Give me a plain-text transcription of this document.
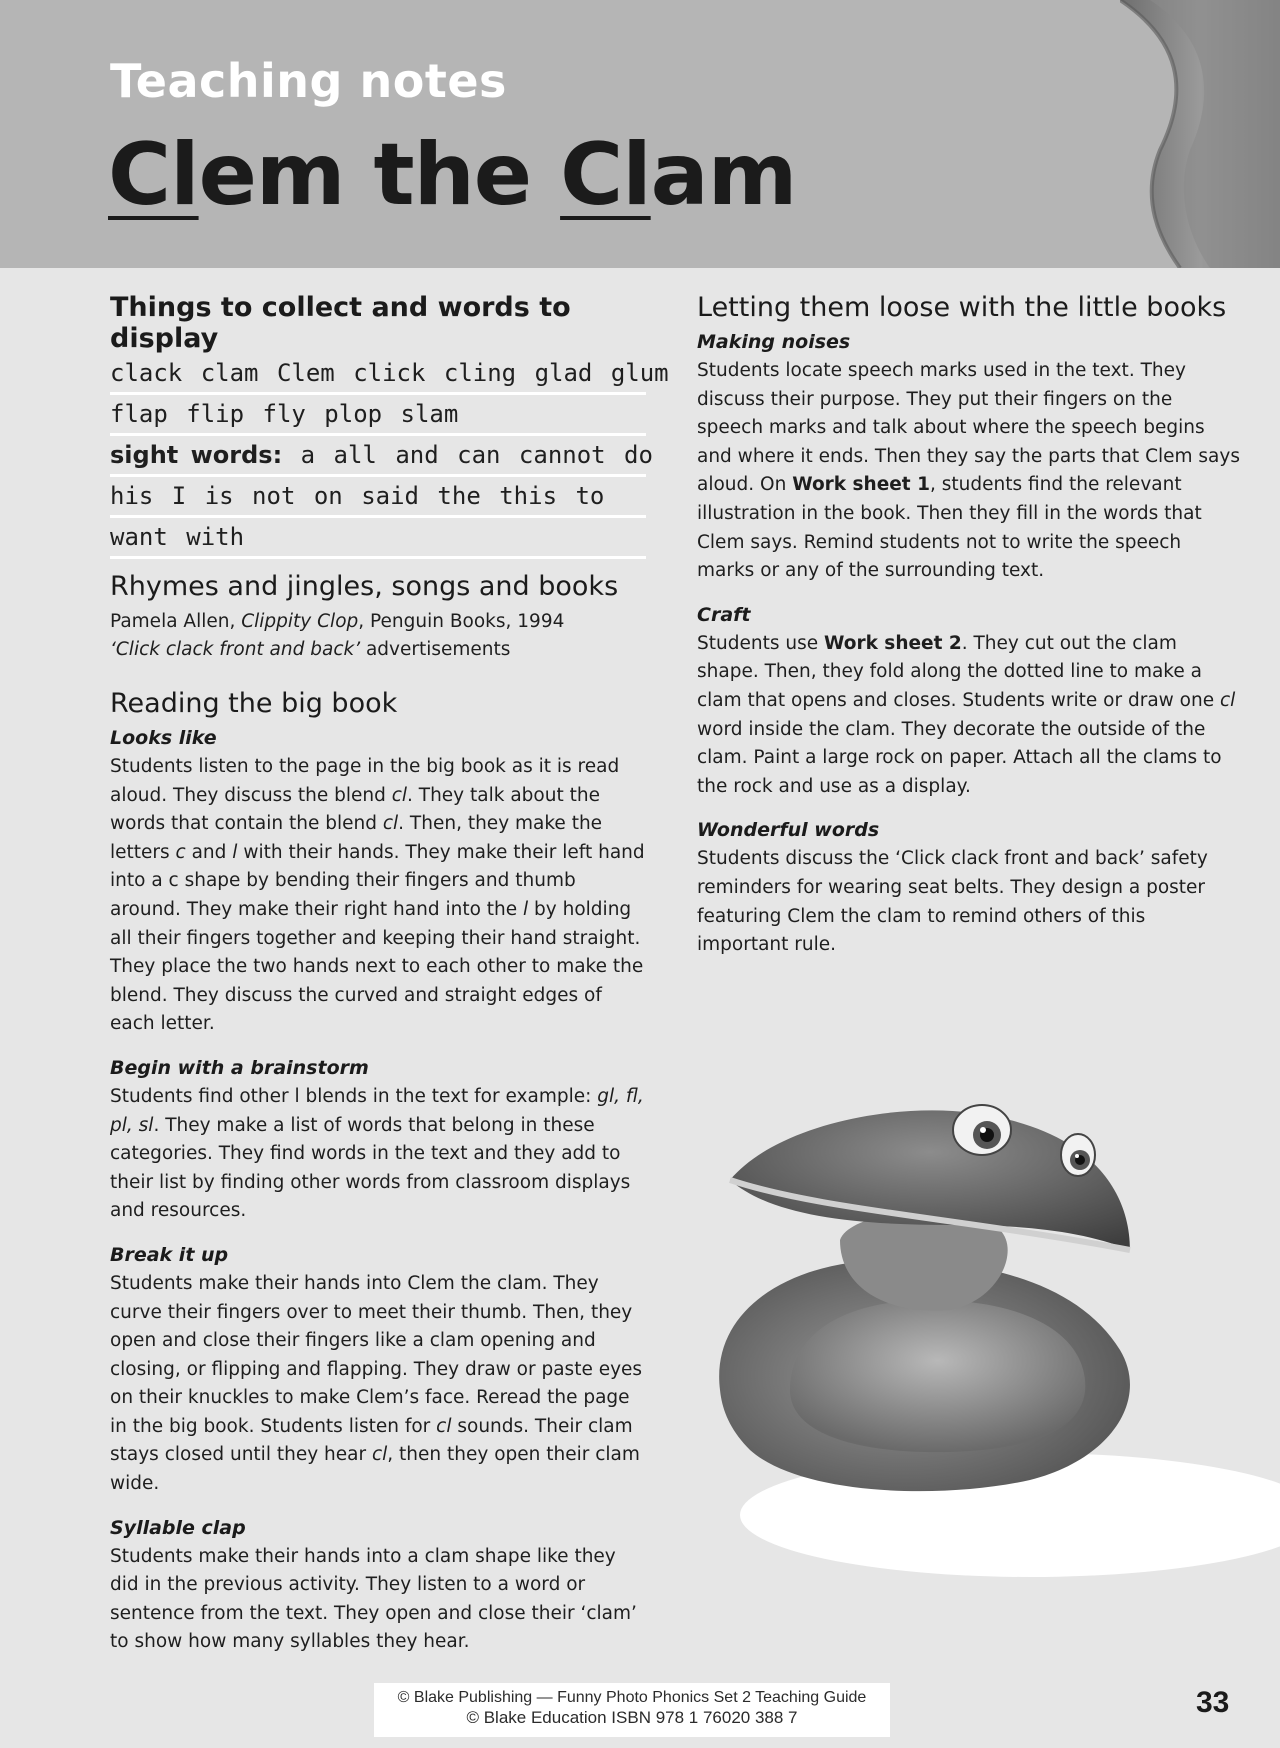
Teaching notes
Clem the Clam
Things to collect and words to display
clack clam Clem click cling glad glum
flap flip fly plop slam
sight words: a all and can cannot do
his I is not on said the this to
want with
Rhymes and jingles, songs and books

Pamela Allen, Clippity Clop, Penguin Books, 1994

‘Click clack front and back’ advertisements

Reading the big book
Looks like

Students listen to the page in the big book as it is read aloud. They discuss the blend cl. They talk about the words that contain the blend cl. Then, they make the letters c and l with their hands. They make their left hand into a c shape by bending their fingers and thumb around. They make their right hand into the l by holding all their fingers together and keeping their hand straight. They place the two hands next to each other to make the blend. They discuss the curved and straight edges of each letter.

Begin with a brainstorm

Students find other l blends in the text for example: gl, fl, pl, sl. They make a list of words that belong in these categories. They find words in the text and they add to their list by finding other words from classroom displays and resources.

Break it up

Students make their hands into Clem the clam. They curve their fingers over to meet their thumb. Then, they open and close their fingers like a clam opening and closing, or flipping and flapping. They draw or paste eyes on their knuckles to make Clem’s face. Reread the page in the big book. Students listen for cl sounds. Their clam stays closed until they hear cl, then they open their clam wide.

Syllable clap

Students make their hands into a clam shape like they did in the previous activity. They listen to a word or sentence from the text. They open and close their ‘clam’ to show how many syllables they hear.

Letting them loose with the little books
Making noises

Students locate speech marks used in the text. They discuss their purpose. They put their fingers on the speech marks and talk about where the speech begins and where it ends. Then they say the parts that Clem says aloud. On Work sheet 1, students find the relevant illustration in the book. Then they fill in the words that Clem says. Remind students not to write the speech marks or any of the surrounding text.

Craft

Students use Work sheet 2. They cut out the clam shape. Then, they fold along the dotted line to make a clam that opens and closes. Students write or draw one cl word inside the clam. They decorate the outside of the clam. Paint a large rock on paper. Attach all the clams to the rock and use as a display.

Wonderful words

Students discuss the ‘Click clack front and back’ safety reminders for wearing seat belts. They design a poster featuring Clem the clam to remind others of this important rule.

© Blake Publishing — Funny Photo Phonics Set 2 Teaching Guide
© Blake Education ISBN 978 1 76020 388 7	33
